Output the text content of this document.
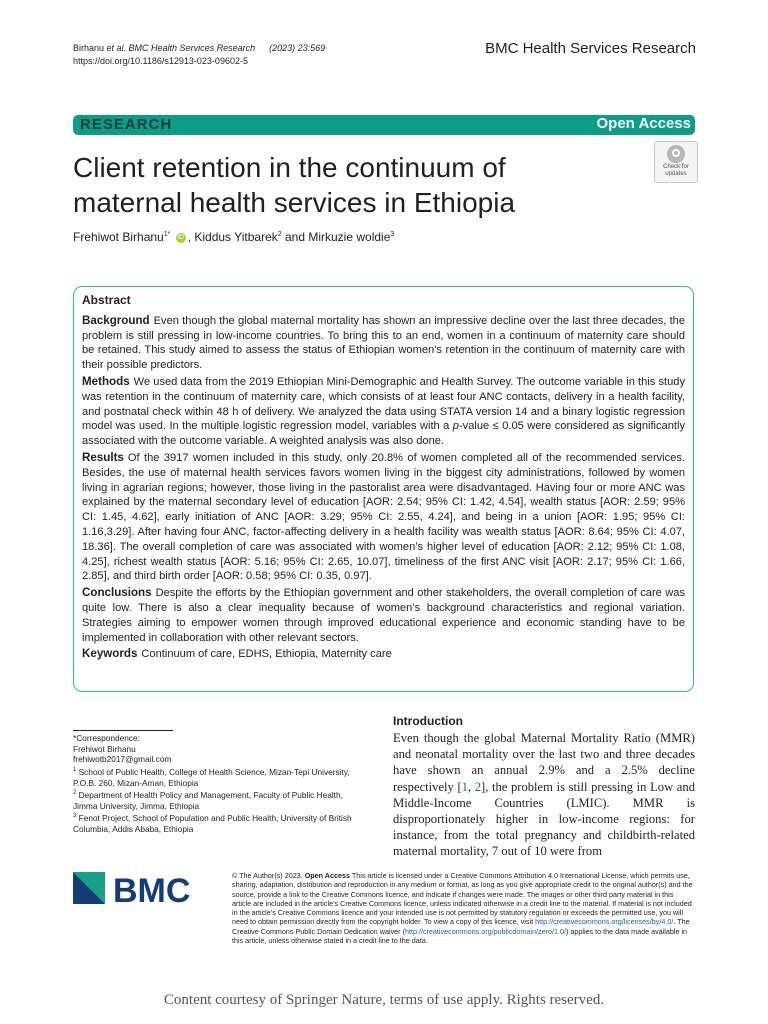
Birhanu et al. BMC Health Services Research (2023) 23:569
https://doi.org/10.1186/s12913-023-09602-5
BMC Health Services Research
RESEARCH	Open Access
Client retention in the continuum of maternal health services in Ethiopia
Check for
updates
Frehiwot Birhanu$^{1*}$ iD , Kiddus Yitbarek$^2$ and Mirkuzie woldie$^3$
Abstract

Background Even though the global maternal mortality has shown an impressive decline over the last three decades, the problem is still pressing in low-income countries. To bring this to an end, women in a continuum of maternity care should be retained. This study aimed to assess the status of Ethiopian women’s retention in the continuum of maternity care with their possible predictors.

Methods We used data from the 2019 Ethiopian Mini-Demographic and Health Survey. The outcome variable in this study was retention in the continuum of maternity care, which consists of at least four ANC contacts, delivery in a health facility, and postnatal check within 48 h of delivery. We analyzed the data using STATA version 14 and a binary logistic regression model was used. In the multiple logistic regression model, variables with a p-value ≤ 0.05 were considered as significantly associated with the outcome variable. A weighted analysis was also done.

Results Of the 3917 women included in this study, only 20.8% of women completed all of the recommended services. Besides, the use of maternal health services favors women living in the biggest city administrations, followed by women living in agrarian regions; however, those living in the pastoralist area were disadvantaged. Having four or more ANC was explained by the maternal secondary level of education [AOR: 2.54; 95% CI: 1.42, 4.54], wealth status [AOR: 2.59; 95% CI: 1.45, 4.62], early initiation of ANC [AOR: 3.29; 95% CI: 2.55, 4.24], and being in a union [AOR: 1.95; 95% CI: 1.16,3.29]. After having four ANC, factor-affecting delivery in a health facility was wealth status [AOR: 8.64; 95% CI: 4.07, 18.36]. The overall completion of care was associated with women’s higher level of education [AOR: 2.12; 95% CI: 1.08, 4.25], richest wealth status [AOR: 5.16; 95% CI: 2.65, 10.07], timeliness of the first ANC visit [AOR: 2.17; 95% CI: 1.66, 2.85], and third birth order [AOR: 0.58; 95% CI: 0.35, 0.97].

Conclusions Despite the efforts by the Ethiopian government and other stakeholders, the overall completion of care was quite low. There is also a clear inequality because of women’s background characteristics and regional variation. Strategies aiming to empower women through improved educational experience and economic standing have to be implemented in collaboration with other relevant sectors.

Keywords Continuum of care, EDHS, Ethiopia, Maternity care

*Correspondence:

Frehiwot Birhanu

frehiwotb2017@gmail.com

$^1$ School of Public Health, College of Health Science, Mizan-Tepi University, P.O.B. 260, Mizan-Aman, Ethiopia

$^2$ Department of Health Policy and Management, Faculty of Public Health, Jimma University, Jimma, Ethiopia

$^3$ Fenot Project, School of Population and Public Health, University of British Columbia, Addis Ababa, Ethiopia

Introduction

Even though the global Maternal Mortality Ratio (MMR) and neonatal mortality over the last two and three decades have shown an annual 2.9% and a 2.5% decline respectively [1, 2], the problem is still pressing in Low and Middle-Income Countries (LMIC). MMR is disproportionately higher in low-income regions: for instance, from the total pregnancy and childbirth-related maternal mortality, 7 out of 10 were from

BMC	© The Author(s) 2023. Open Access This article is licensed under a Creative Commons Attribution 4.0 International License, which permits use, sharing, adaptation, distribution and reproduction in any medium or format, as long as you give appropriate credit to the original author(s) and the source, provide a link to the Creative Commons licence, and indicate if changes were made. The images or other third party material in this article are included in the article’s Creative Commons licence, unless indicated otherwise in a credit line to the material. If material is not included in the article’s Creative Commons licence and your intended use is not permitted by statutory regulation or exceeds the permitted use, you will need to obtain permission directly from the copyright holder. To view a copy of this licence, visit http://creativecommons.org/licenses/by/4.0/. The Creative Commons Public Domain Dedication waiver (http://creativecommons.org/publicdomain/zero/1.0/) applies to the data made available in this article, unless otherwise stated in a credit line to the data.
Content courtesy of Springer Nature, terms of use apply. Rights reserved.
